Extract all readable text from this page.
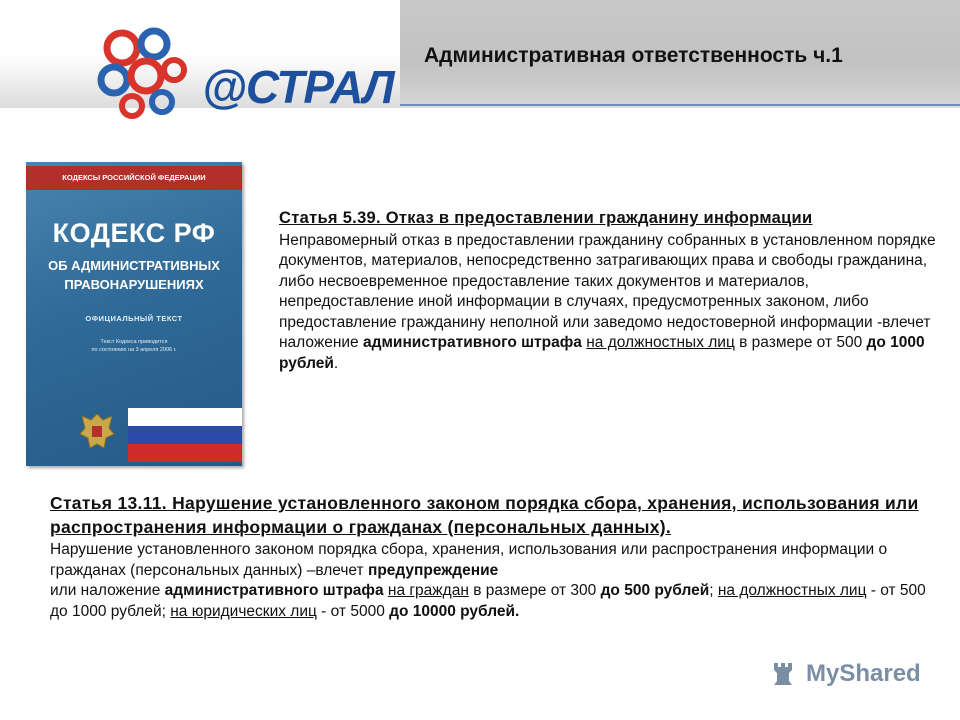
@СТРАЛ
Административная ответственность ч.1
КОДЕКСЫ РОССИЙСКОЙ ФЕДЕРАЦИИ
КОДЕКС РФ
ОБ АДМИНИСТРАТИВНЫХ
ПРАВОНАРУШЕНИЯХ
ОФИЦИАЛЬНЫЙ ТЕКСТ
Текст Кодекса приводится
по состоянию на 3 апреля 2006 г.
Статья 5.39. Отказ в предоставлении гражданину информации
Неправомерный отказ в предоставлении гражданину собранных в установленном порядке документов, материалов, непосредственно затрагивающих права и свободы гражданина, либо несвоевременное предоставление таких документов и материалов, непредоставление иной информации в случаях, предусмотренных законом, либо предоставление гражданину неполной или заведомо недостоверной информации -влечет наложение административного штрафа на должностных лиц в размере от 500 до 1000 рублей.
Статья 13.11. Нарушение установленного законом порядка сбора, хранения, использования или распространения информации о гражданах (персональных данных).
Нарушение установленного законом порядка сбора, хранения, использования или распространения информации о гражданах (персональных данных) –влечет предупреждение
или наложение административного штрафа на граждан в размере от 300 до 500 рублей; на должностных лиц - от 500 до 1000 рублей; на юридических лиц - от 5000 до 10000 рублей.
MyShared
